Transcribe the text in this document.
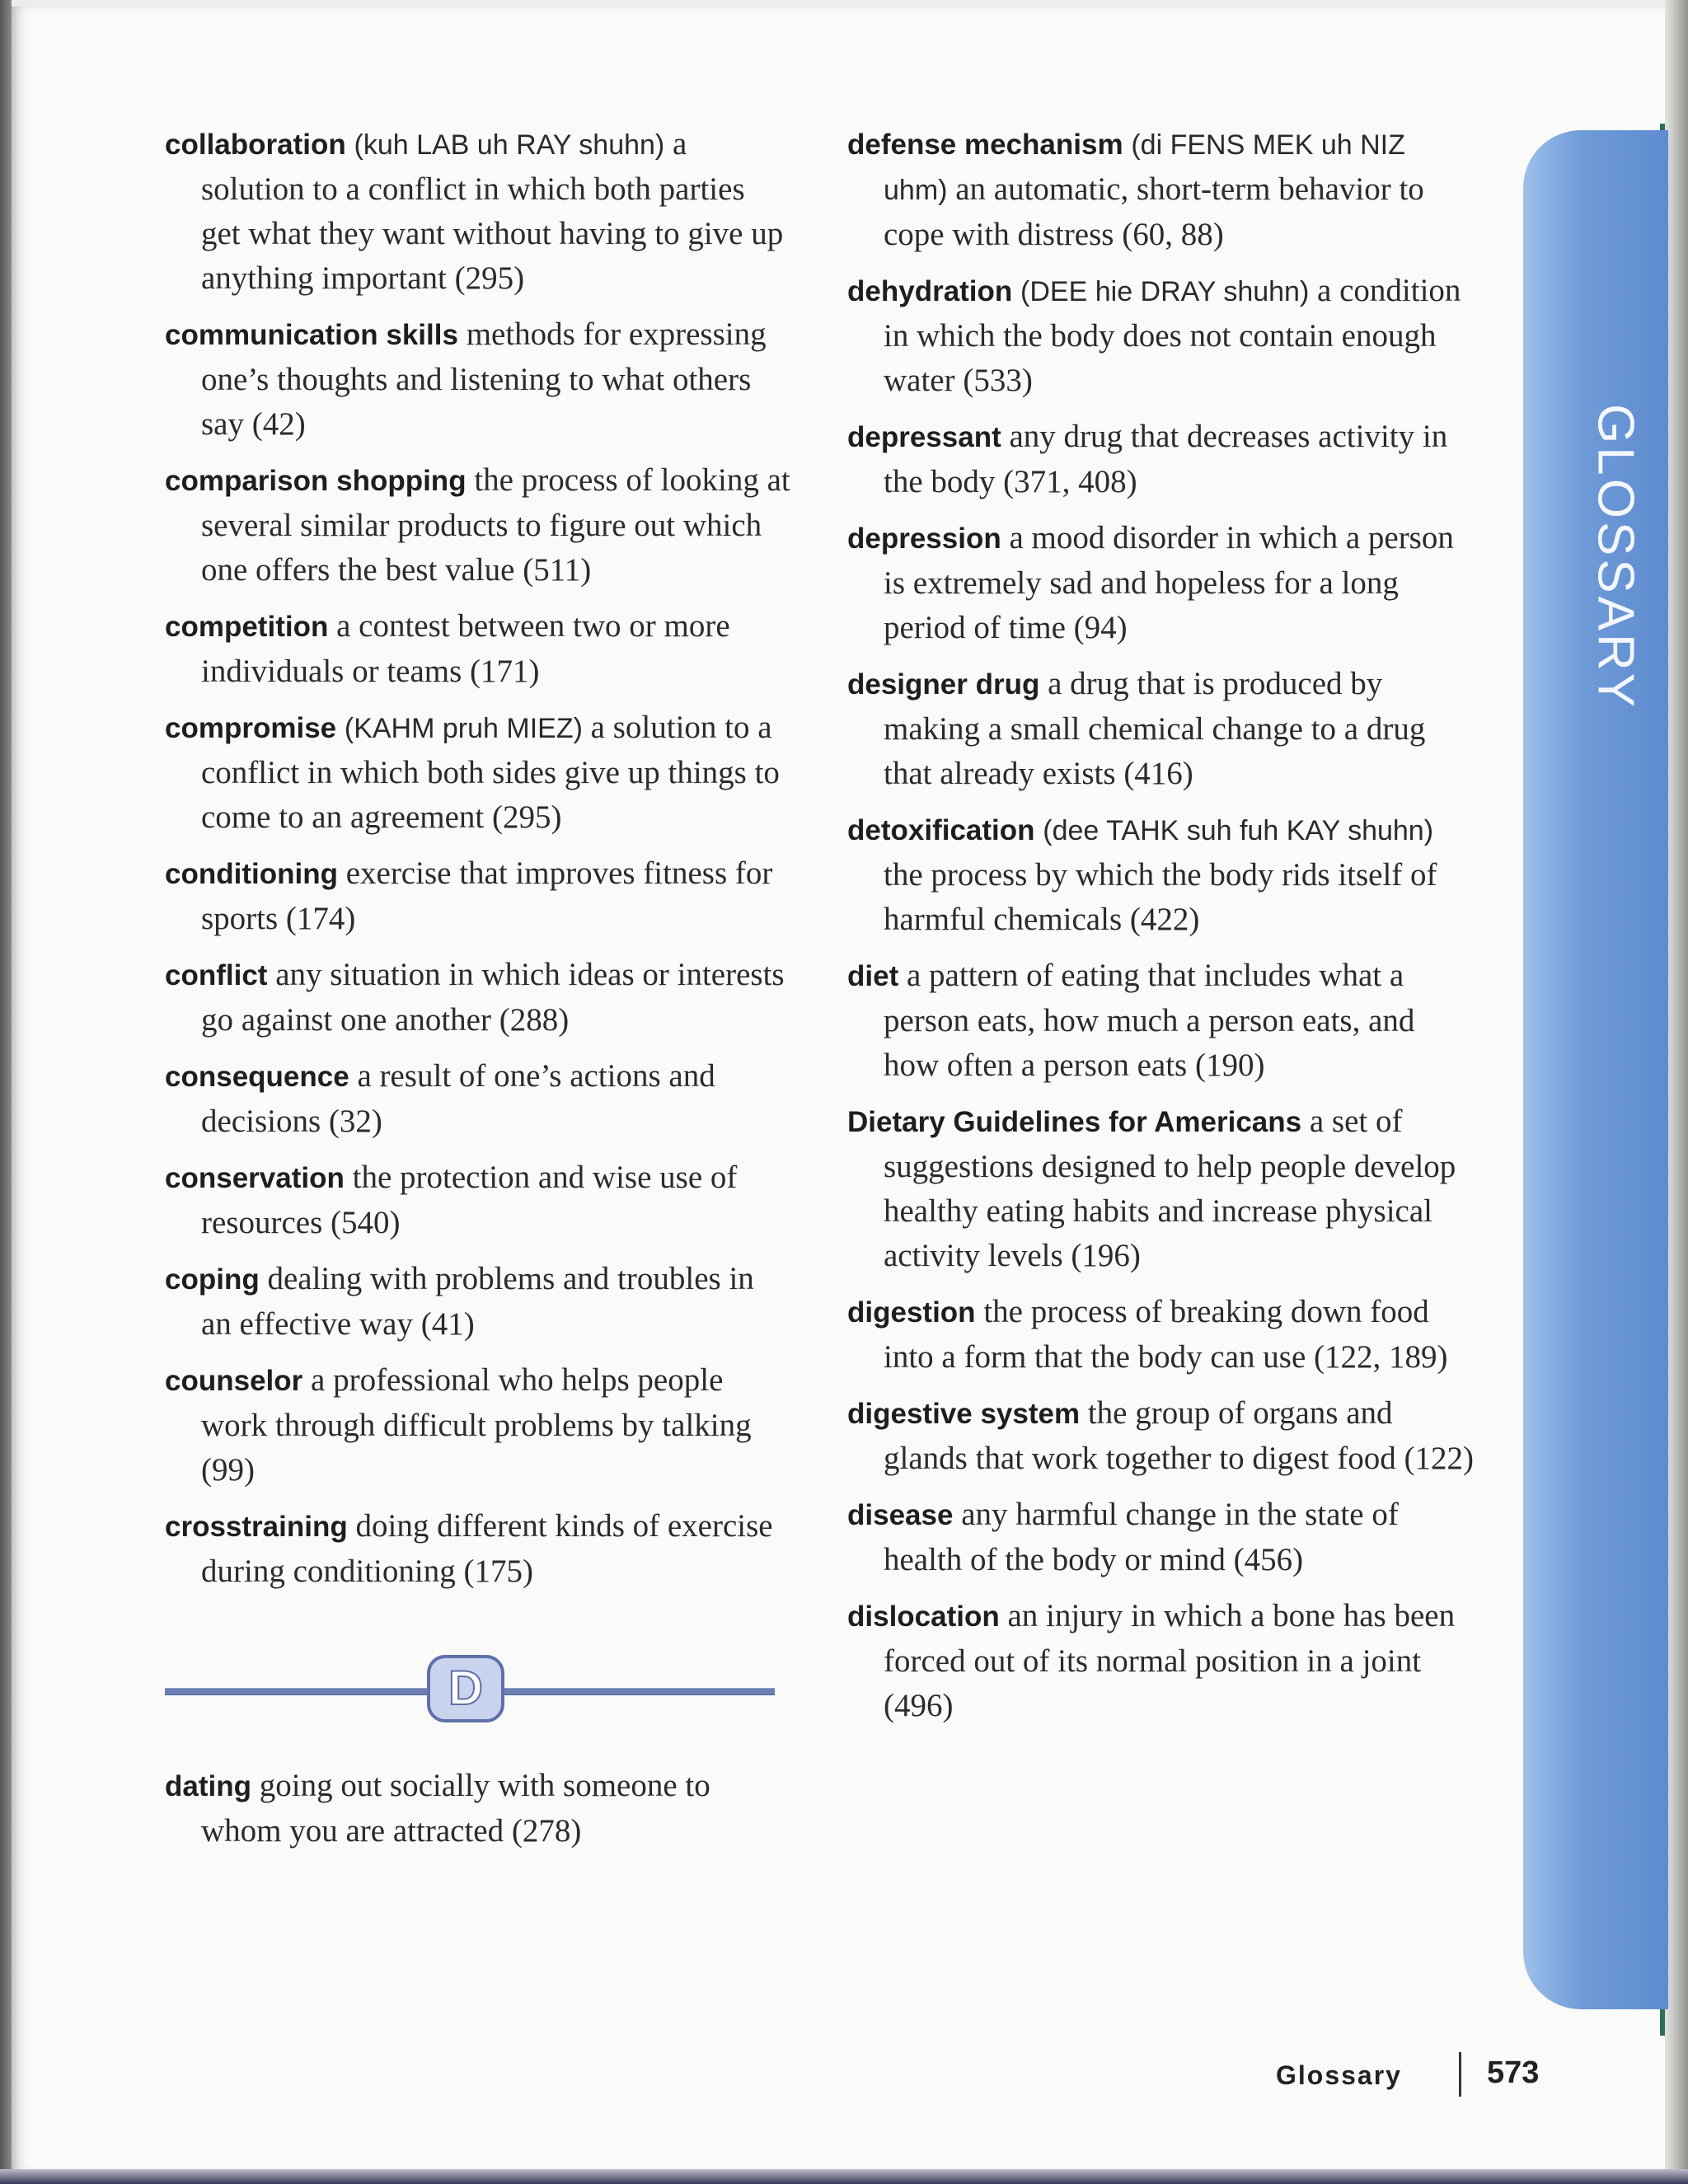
GLOSSARY

collaboration (kuh LAB uh RAY shuhn) a solution to a conflict in which both parties get what they want without having to give up anything important (295)

communication skills methods for expressing one’s thoughts and listening to what others say (42)

comparison shopping the process of looking at several similar products to figure out which one offers the best value (511)

competition a contest between two or more individuals or teams (171)

compromise (KAHM pruh MIEZ) a solution to a conflict in which both sides give up things to come to an agreement (295)

conditioning exercise that improves fitness for sports (174)

conflict any situation in which ideas or interests go against one another (288)

consequence a result of one’s actions and decisions (32)

conservation the protection and wise use of resources (540)

coping dealing with problems and troubles in an effective way (41)

counselor a professional who helps people work through difficult problems by talking (99)

crosstraining doing different kinds of exercise during conditioning (175)

D

dating going out socially with someone to whom you are attracted (278)

defense mechanism (di FENS MEK uh NIZ uhm) an automatic, short-term behavior to cope with distress (60, 88)

dehydration (DEE hie DRAY shuhn) a condition in which the body does not contain enough water (533)

depressant any drug that decreases activity in the body (371, 408)

depression a mood disorder in which a person is extremely sad and hopeless for a long period of time (94)

designer drug a drug that is produced by making a small chemical change to a drug that already exists (416)

detoxification (dee TAHK suh fuh KAY shuhn) the process by which the body rids itself of harmful chemicals (422)

diet a pattern of eating that includes what a person eats, how much a person eats, and how often a person eats (190)

Dietary Guidelines for Americans a set of suggestions designed to help people develop healthy eating habits and increase physical activity levels (196)

digestion the process of breaking down food into a form that the body can use (122, 189)

digestive system the group of organs and glands that work together to digest food (122)

disease any harmful change in the state of health of the body or mind (456)

dislocation an injury in which a bone has been forced out of its normal position in a joint (496)

Glossary	573
